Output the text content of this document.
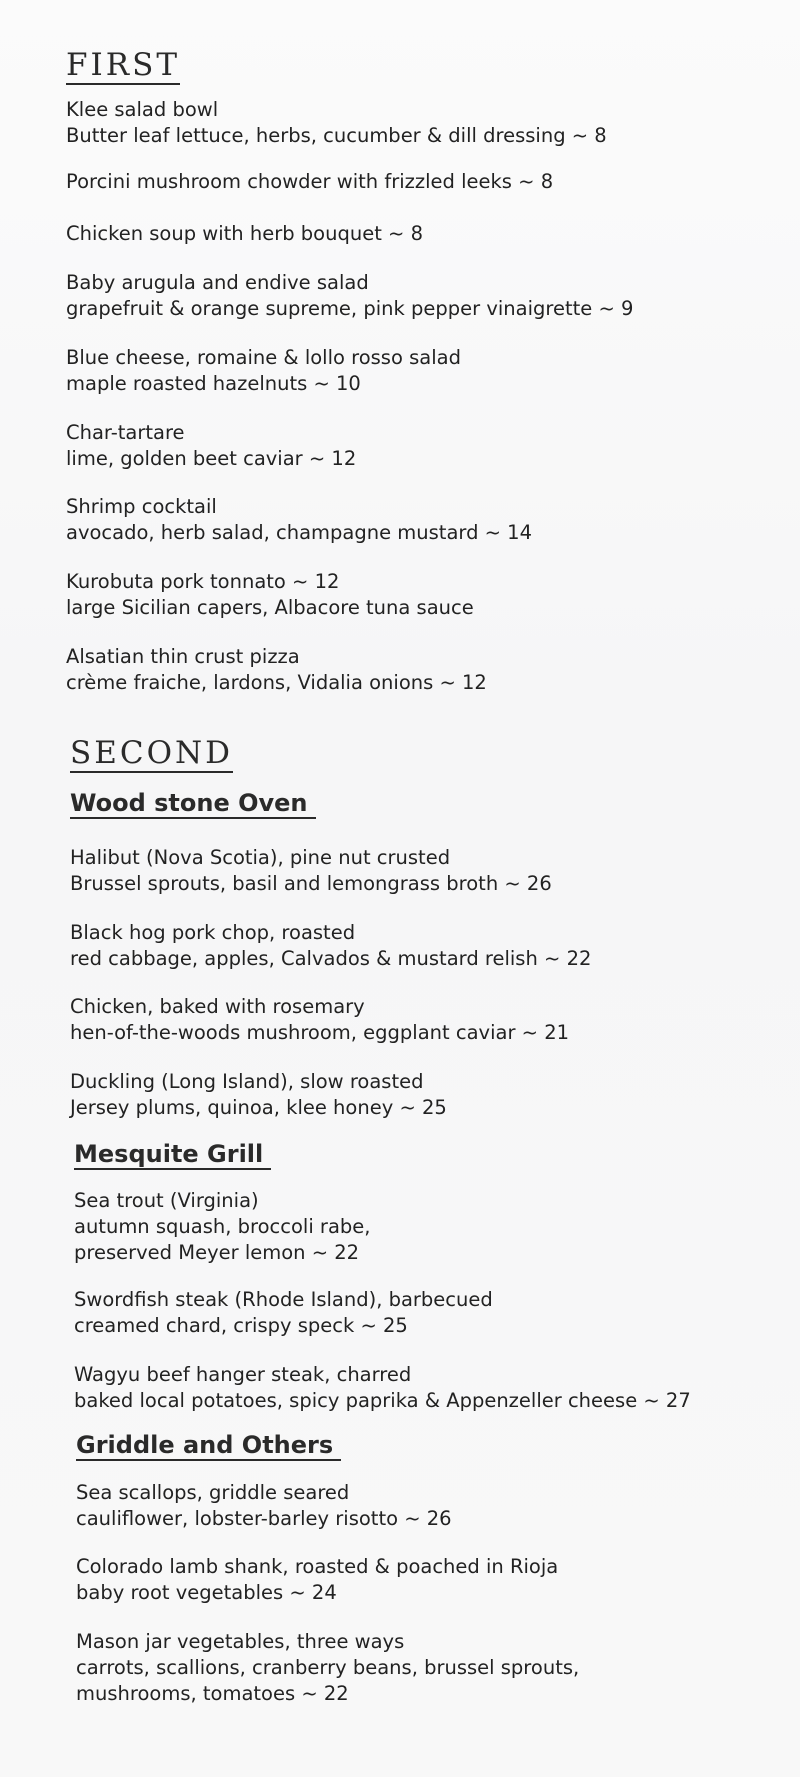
FIRST
Klee salad bowl
Butter leaf lettuce, herbs, cucumber & dill dressing ~ 8
Porcini mushroom chowder with frizzled leeks ~ 8
Chicken soup with herb bouquet ~ 8
Baby arugula and endive salad
grapefruit & orange supreme, pink pepper vinaigrette ~ 9
Blue cheese, romaine & lollo rosso salad
maple roasted hazelnuts ~ 10
Char-tartare
lime, golden beet caviar ~ 12
Shrimp cocktail
avocado, herb salad, champagne mustard ~ 14
Kurobuta pork tonnato ~ 12
large Sicilian capers, Albacore tuna sauce
Alsatian thin crust pizza
crème fraiche, lardons, Vidalia onions ~ 12
SECOND
Wood stone Oven
Halibut (Nova Scotia), pine nut crusted
Brussel sprouts, basil and lemongrass broth ~ 26
Black hog pork chop, roasted
red cabbage, apples, Calvados & mustard relish ~ 22
Chicken, baked with rosemary
hen-of-the-woods mushroom, eggplant caviar ~ 21
Duckling (Long Island), slow roasted
Jersey plums, quinoa, klee honey ~ 25
Mesquite Grill
Sea trout (Virginia)
autumn squash, broccoli rabe,
preserved Meyer lemon ~ 22
Swordfish steak (Rhode Island), barbecued
creamed chard, crispy speck ~ 25
Wagyu beef hanger steak, charred
baked local potatoes, spicy paprika & Appenzeller cheese ~ 27
Griddle and Others
Sea scallops, griddle seared
cauliflower, lobster-barley risotto ~ 26
Colorado lamb shank, roasted & poached in Rioja
baby root vegetables ~ 24
Mason jar vegetables, three ways
carrots, scallions, cranberry beans, brussel sprouts,
mushrooms, tomatoes ~ 22
